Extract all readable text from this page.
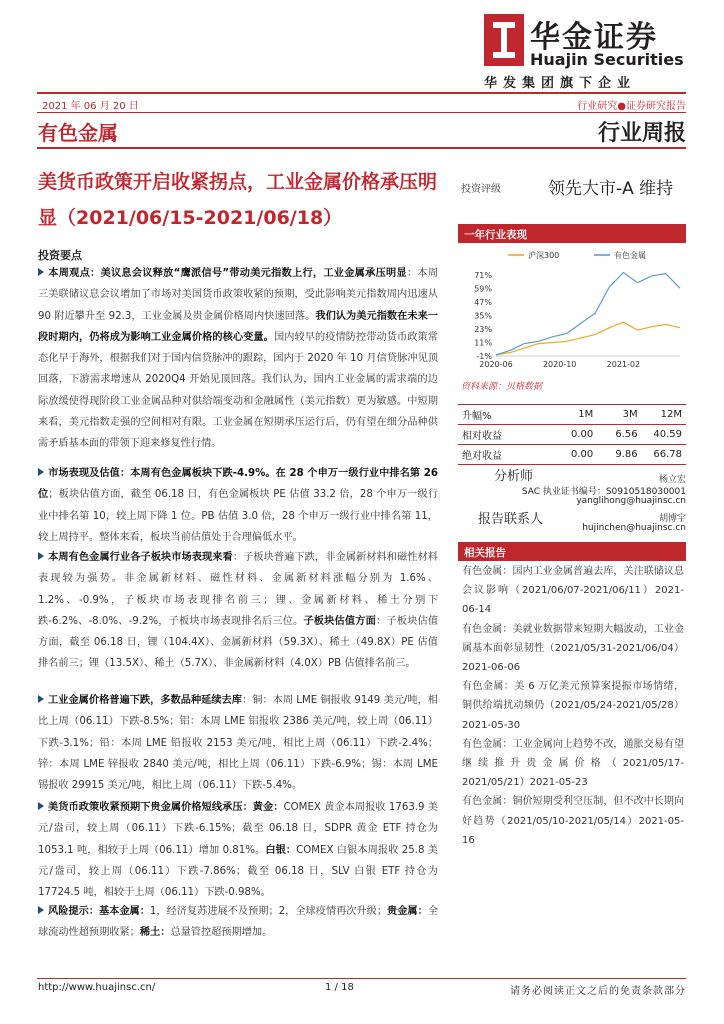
华金证券
Huajin Securities
华发集团旗下企业
2021 年 06 月 20 日	行业研究●证券研究报告
有色金属	行业周报
美货币政策开启收紧拐点，工业金属价格承压明显（2021/06/15-2021/06/18）
投资要点
本周观点：美议息会议释放“鹰派信号”带动美元指数上行，工业金属承压明显：本周三美联储议息会议增加了市场对美国货币政策收紧的预期，受此影响美元指数周内迅速从 90 附近攀升至 92.3，工业金属及贵金属价格周内快速回落。我们认为美元指数在未来一段时期内，仍将成为影响工业金属价格的核心变量。国内较早的疫情防控带动货币政策常态化早于海外，根据我们对于国内信贷脉冲的跟踪，国内于 2020 年 10 月信贷脉冲见顶回落，下游需求增速从 2020Q4 开始见顶回落。我们认为，国内工业金属的需求端的边际放缓使得现阶段工业金属品种对供给端变动和金融属性（美元指数）更为敏感。中短期来看，美元指数走强的空间相对有限。工业金属在短期承压运行后，仍有望在细分品种供需矛盾基本面的带领下迎来修复性行情。
市场表现及估值：本周有色金属板块下跌-4.9%。在 28 个申万一级行业中排名第 26 位；板块估值方面，截至 06.18 日，有色金属板块 PE 估值 33.2 倍，28 个申万一级行业中排名第 10，较上周下降 1 位。PB 估值 3.0 倍，28 个申万一级行业中排名第 11，较上周持平。整体来看，板块当前估值处于合理偏低水平。
本周有色金属行业各子板块市场表现来看：子板块普遍下跌，非金属新材料和磁性材料表现较为强势。非金属新材料、磁性材料、金属新材料涨幅分别为 1.6%、1.2%、-0.9%，子板块市场表现排名前三；锂、金属新材料、稀土分别下跌-6.2%、-8.0%、-9.2%，子板块市场表现排名后三位。子板块估值方面：子板块估值方面，截至 06.18 日，锂（104.4X）、金属新材料（59.3X）、稀土（49.8X）PE 估值排名前三；锂（13.5X）、稀土（5.7X）、非金属新材料（4.0X）PB 估值排名前三。
工业金属价格普遍下跌，多数品种延续去库：铜：本周 LME 铜报收 9149 美元/吨，相比上周（06.11）下跌-8.5%；铝：本周 LME 铝报收 2386 美元/吨，较上周（06.11）下跌-3.1%；铅：本周 LME 铅报收 2153 美元/吨，相比上周（06.11）下跌-2.4%；锌：本周 LME 锌报收 2840 美元/吨，相比上周（06.11）下跌-6.9%；锡：本周 LME 锡报收 29915 美元/吨，相比上周（06.11）下跌-5.4%。
美货币政策收紧预期下贵金属价格短线承压：黄金：COMEX 黄金本周报收 1763.9 美元/盎司，较上周（06.11）下跌-6.15%；截至 06.18 日，SDPR 黄金 ETF 持仓为 1053.1 吨，相较于上周（06.11）增加 0.81%。白银：COMEX 白银本周报收 25.8 美元/盎司，较上周（06.11）下跌-7.86%；截至 06.18 日，SLV 白银 ETF 持仓为 17724.5 吨，相较于上周（06.11）下跌-0.98%。
风险提示：基本金属：1，经济复苏进展不及预期；2，全球疫情再次升级；贵金属：全球流动性超预期收紧；稀土：总量管控超预期增加。
投资评级	领先大市-A 维持
一年行业表现
71%
59%
47%
35%
23%
11%
-1%
2020-06	2020-10	2021-02
沪深300	有色金属
资料来源：贝格数据
升幅%	1M	3M	12M
相对收益	0.00	6.56	40.59
绝对收益	0.00	9.86	66.78
分析师	杨立宏
SAC 执业证书编号：S0910518030001
yanglihong@huajinsc.cn
报告联系人	胡博宇
hujinchen@huajinsc.cn
相关报告
有色金属：国内工业金属普遍去库，关注联储议息会议影响（2021/06/07-2021/06/11）2021-06-14
有色金属：美就业数据带来短期大幅波动，工业金属基本面彰显韧性（2021/05/31-2021/06/04）2021-06-06
有色金属：美 6 万亿美元预算案提振市场情绪，铜供给端扰动频仍（2021/05/24-2021/05/28）2021-05-30
有色金属：工业金属向上趋势不改，通胀交易有望继续推升贵金属价格（2021/05/17-2021/05/21）2021-05-23
有色金属：铜价短期受利空压制，但不改中长期向好趋势（2021/05/10-2021/05/14）2021-05-16
http://www.huajinsc.cn/	1 / 18	请务必阅读正文之后的免责条款部分
